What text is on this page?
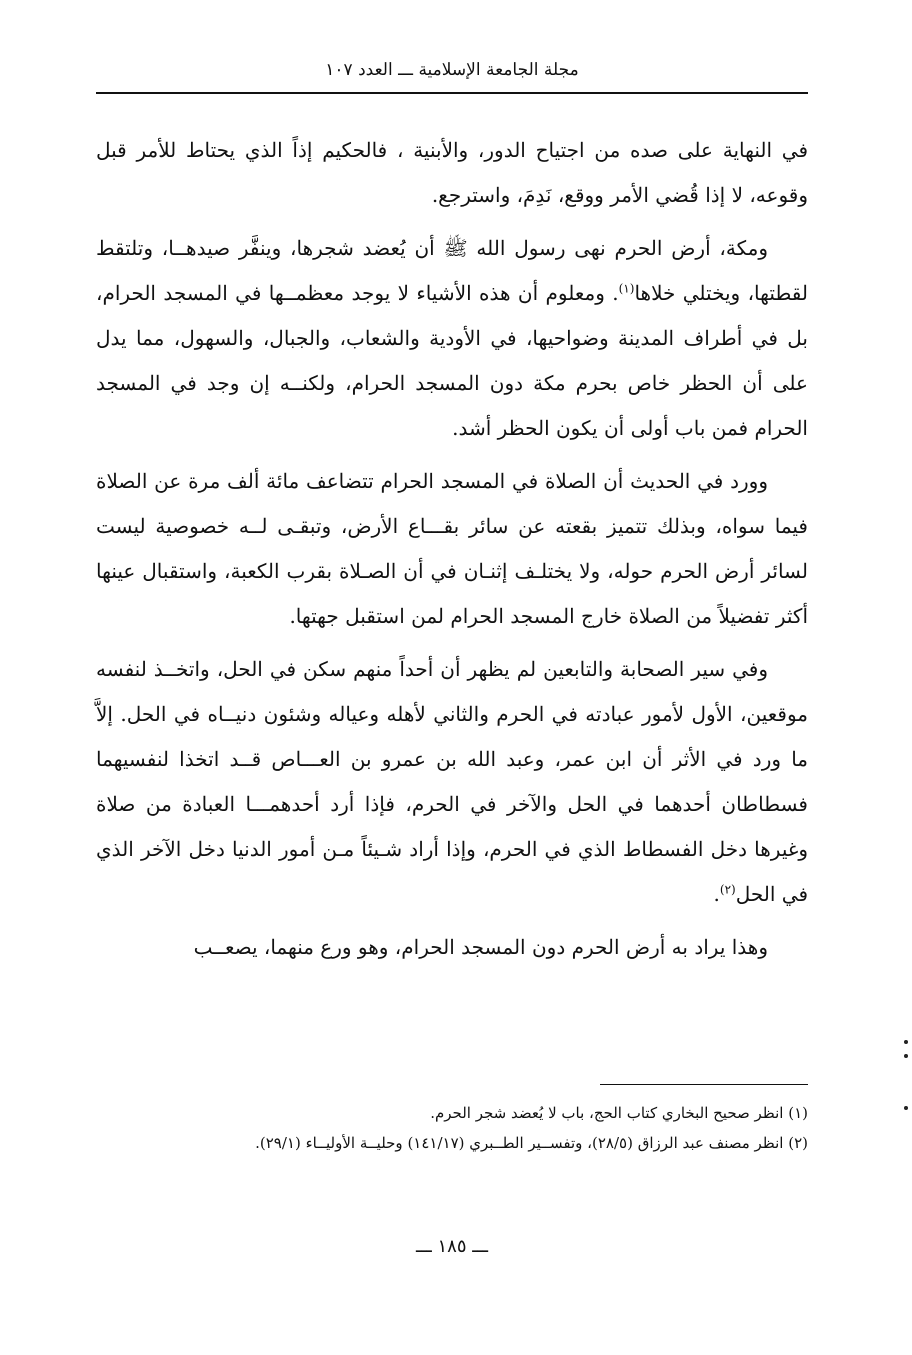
مجلة الجامعة الإسلامية ـــ العدد ١٠٧

في النهاية على صده من اجتياح الدور، والأبنية ، فالحكيم إذاً الذي يحتاط للأمر قبل وقوعه، لا إذا قُضي الأمر ووقع، نَدِمَ، واسترجع.

ومكة، أرض الحرم نهى رسول الله ﷺ أن يُعضد شجرها، وينفَّر صيدهــا، وتلتقط لقطتها، ويختلي خلاها$^{(١)}$. ومعلوم أن هذه الأشياء لا يوجد معظمــها في المسجد الحرام، بل في أطراف المدينة وضواحيها، في الأودية والشعاب، والجبال، والسهول، مما يدل على أن الحظر خاص بحرم مكة دون المسجد الحرام، ولكنــه إن وجد في المسجد الحرام فمن باب أولى أن يكون الحظر أشد.

وورد في الحديث أن الصلاة في المسجد الحرام تتضاعف مائة ألف مرة عن الصلاة فيما سواه، وبذلك تتميز بقعته عن سائر بقـــاع الأرض، وتبقـى لــه خصوصية ليست لسائر أرض الحرم حوله، ولا يختلـف إثنـان في أن الصـلاة بقرب الكعبة، واستقبال عينها أكثر تفضيلاً من الصلاة خارج المسجد الحرام لمن استقبل جهتها.

وفي سير الصحابة والتابعين لم يظهر أن أحداً منهم سكن في الحل، واتخــذ لنفسه موقعين، الأول لأمور عبادته في الحرم والثاني لأهله وعياله وشئون دنيــاه في الحل. إلاَّ ما ورد في الأثر أن ابن عمر، وعبد الله بن عمرو بن العـــاص قــد اتخذا لنفسيهما فسطاطان أحدهما في الحل والآخر في الحرم، فإذا أرد أحدهمـــا العبادة من صلاة وغيرها دخل الفسطاط الذي في الحرم، وإذا أراد شـيئاً مـن أمور الدنيا دخل الآخر الذي في الحل$^{(٢)}$.

وهذا يراد به أرض الحرم دون المسجد الحرام، وهو ورع منهما، يصعــب

(١) انظر صحيح البخاري كتاب الحج، باب لا يُعضد شجر الحرم.

(٢) انظر مصنف عبد الرزاق (٢٨/٥)، وتفســير الطــبري (١٤١/١٧) وحليــة الأوليــاء (٢٩/١).

ـــ ١٨٥ ـــ
